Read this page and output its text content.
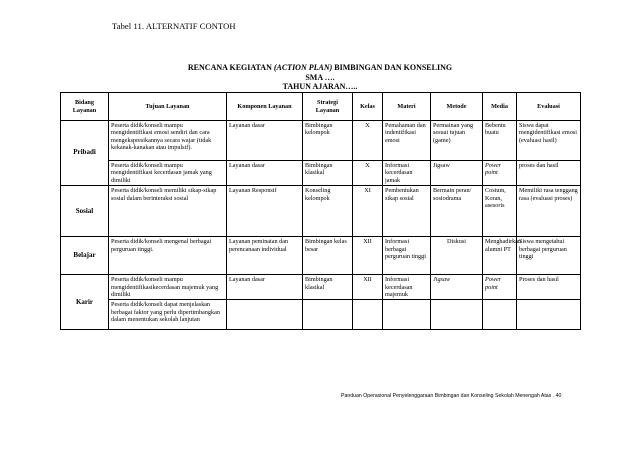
Tabel 11. ALTERNATIF CONTOH
RENCANA KEGIATAN (ACTION PLAN) BIMBINGAN DAN KONSELING
SMA ….
TAHUN AJARAN…..
Bidang Layanan	Tujuan Layanan	Komponen Layanan	Strategi Layanan	Kelas	Materi	Metode	Media	Evaluasi
Pribadi	Peserta didik/konseli mampu mengidentifikasi emosi sendiri dan cara mengekspresikannya secara wajar (tidak kekanak-kanakan atau impulsif).	Layanan dasar	Bimbingan kelompok	X	Pemahaman dan indentifikasi emosi	Permainan yang sesuai tujuan (game)	Bebentu buatu	Siswa dapat mengidentifikasi emosi (evaluasi hasil)
	Peserta didik/konseli mampu mengidentifikasi kecerdasan jamak yang dimiliki	Layanan dasar	Bimbingan klasikal	X	Informasi kecerdasan jamak	Jigsaw	Power point	proses dan hasil
Sosial	Peserta didik/konseli memiliki sikap-sikap sosial dalam berinteraksi sosial	Layanan Responsif	Konseling kelompok	XI	Pembentukan sikap sosial	Bermain peran/ sosiodrama	Costum, Koran, asesoris	Memiliki rasa tenggang rasa (evaluasi proses)
Belajar	Peserta didik/konseli mengenal berbagai perguruan tinggi.	Layanan peminatan dan perencanaan individual	Bimbingan kelas besar	XII	Informasi berbagai perguruan tinggi	Diskusi	Menghadirkan alumni PT	Siswa mengetahui berbagai perguruan tinggi
Karir	Peserta didik/konseli mampu mengidentifikasikecerdasan majemuk yang dimiliki	Layanan dasar	Bimbingan klasikal	XII	Informasi kecerdasan majemuk	Jigsaw	Power point	Proses dan hasil
	Peserta didik/konseli dapat menjelaskan berbagai faktor yang perlu dipertimbangkan dalam menentukan sekolah lanjutan							
Panduan Operasional Penyelenggaraan Bimbingan dan Konseling Sekolah Menengah Atas . 40
